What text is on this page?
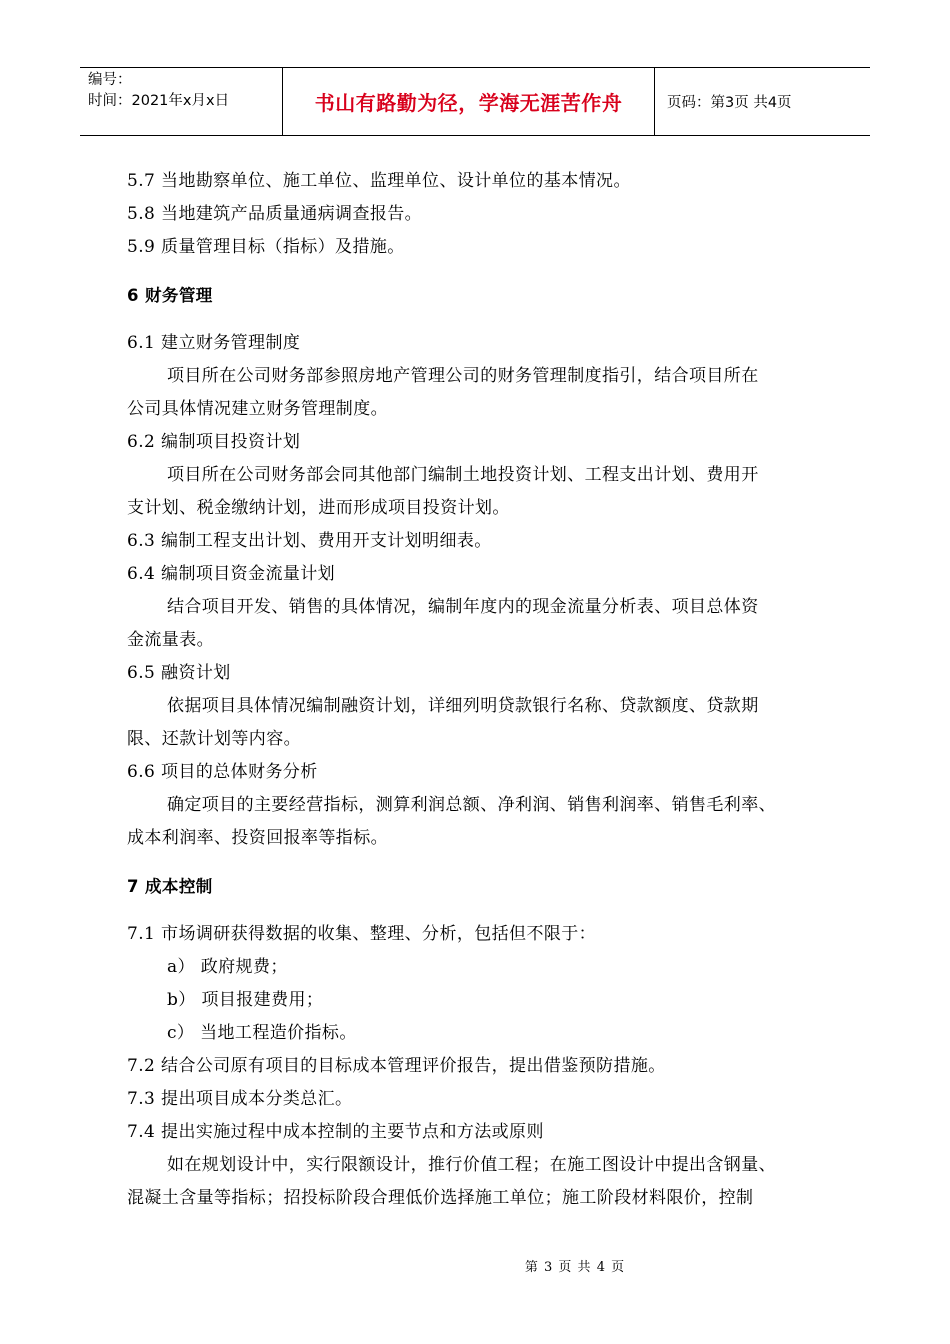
编号：
时间：2021年x月x日	书山有路勤为径，学海无涯苦作舟	页码：第3页 共4页
5.7 当地勘察单位、施工单位、监理单位、设计单位的基本情况。
5.8 当地建筑产品质量通病调查报告。
5.9 质量管理目标（指标）及措施。
6 财务管理
6.1 建立财务管理制度
项目所在公司财务部参照房地产管理公司的财务管理制度指引，结合项目所在
公司具体情况建立财务管理制度。
6.2 编制项目投资计划
项目所在公司财务部会同其他部门编制土地投资计划、工程支出计划、费用开
支计划、税金缴纳计划，进而形成项目投资计划。
6.3 编制工程支出计划、费用开支计划明细表。
6.4 编制项目资金流量计划
结合项目开发、销售的具体情况，编制年度内的现金流量分析表、项目总体资
金流量表。
6.5 融资计划
依据项目具体情况编制融资计划，详细列明贷款银行名称、贷款额度、贷款期
限、还款计划等内容。
6.6 项目的总体财务分析
确定项目的主要经营指标，测算利润总额、净利润、销售利润率、销售毛利率、
成本利润率、投资回报率等指标。
7 成本控制
7.1 市场调研获得数据的收集、整理、分析，包括但不限于：
a） 政府规费；
b） 项目报建费用；
c） 当地工程造价指标。
7.2 结合公司原有项目的目标成本管理评价报告，提出借鉴预防措施。
7.3 提出项目成本分类总汇。
7.4 提出实施过程中成本控制的主要节点和方法或原则
如在规划设计中，实行限额设计，推行价值工程；在施工图设计中提出含钢量、
混凝土含量等指标；招投标阶段合理低价选择施工单位；施工阶段材料限价，控制
第 3 页 共 4 页
